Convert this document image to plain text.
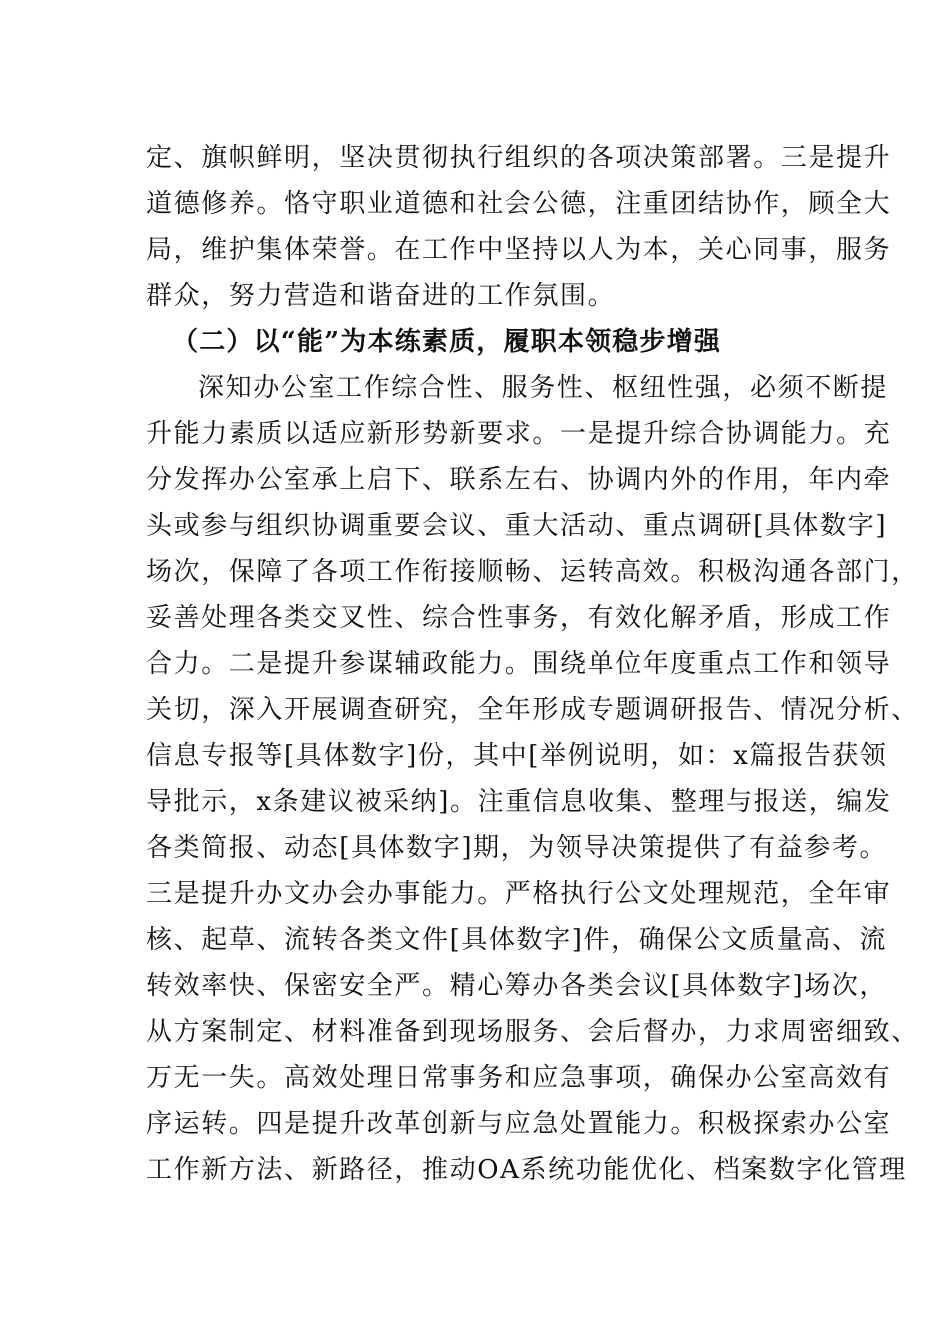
定、旗帜鲜明，坚决贯彻执行组织的各项决策部署。三是提升
道德修养。恪守职业道德和社会公德，注重团结协作，顾全大
局，维护集体荣誉。在工作中坚持以人为本，关心同事，服务
群众，努力营造和谐奋进的工作氛围。
（二）以“能”为本练素质，履职本领稳步增强
深知办公室工作综合性、服务性、枢纽性强，必须不断提
升能力素质以适应新形势新要求。一是提升综合协调能力。充
分发挥办公室承上启下、联系左右、协调内外的作用，年内牵
头或参与组织协调重要会议、重大活动、重点调研[具体数字]
场次，保障了各项工作衔接顺畅、运转高效。积极沟通各部门，
妥善处理各类交叉性、综合性事务，有效化解矛盾，形成工作
合力。二是提升参谋辅政能力。围绕单位年度重点工作和领导
关切，深入开展调查研究，全年形成专题调研报告、情况分析、
信息专报等[具体数字]份，其中[举例说明，如：x篇报告获领
导批示，x条建议被采纳]。注重信息收集、整理与报送，编发
各类简报、动态[具体数字]期，为领导决策提供了有益参考。
三是提升办文办会办事能力。严格执行公文处理规范，全年审
核、起草、流转各类文件[具体数字]件，确保公文质量高、流
转效率快、保密安全严。精心筹办各类会议[具体数字]场次，
从方案制定、材料准备到现场服务、会后督办，力求周密细致、
万无一失。高效处理日常事务和应急事项，确保办公室高效有
序运转。四是提升改革创新与应急处置能力。积极探索办公室
工作新方法、新路径，推动OA系统功能优化、档案数字化管理
